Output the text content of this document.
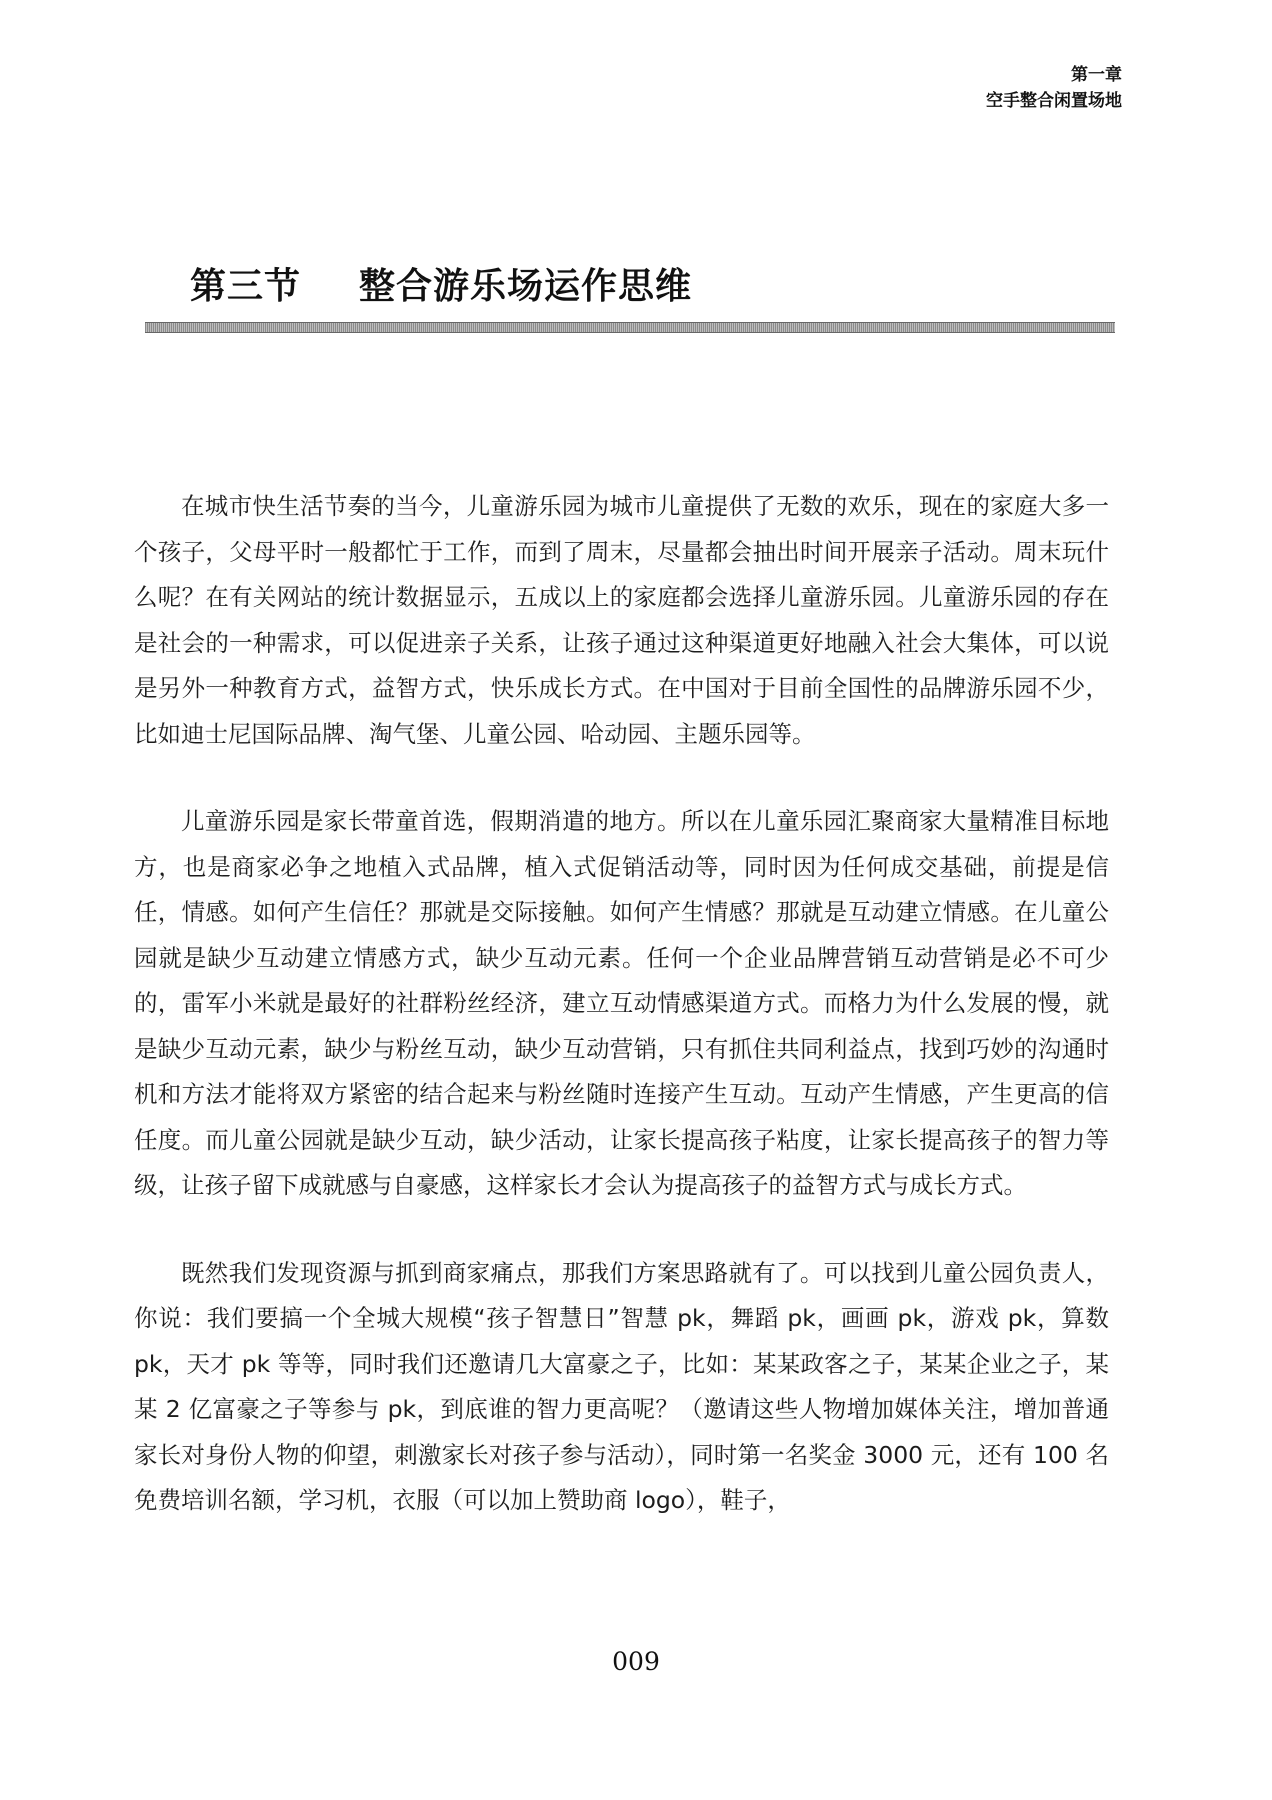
第一章
空手整合闲置场地
第三节 整合游乐场运作思维

在城市快生活节奏的当今，儿童游乐园为城市儿童提供了无数的欢乐，现在的家庭大多一个孩子，父母平时一般都忙于工作，而到了周末，尽量都会抽出时间开展亲子活动。周末玩什么呢？在有关网站的统计数据显示，五成以上的家庭都会选择儿童游乐园。儿童游乐园的存在是社会的一种需求，可以促进亲子关系，让孩子通过这种渠道更好地融入社会大集体，可以说是另外一种教育方式，益智方式，快乐成长方式。在中国对于目前全国性的品牌游乐园不少，比如迪士尼国际品牌、淘气堡、儿童公园、哈动园、主题乐园等。

儿童游乐园是家长带童首选，假期消遣的地方。所以在儿童乐园汇聚商家大量精准目标地方，也是商家必争之地植入式品牌，植入式促销活动等，同时因为任何成交基础，前提是信任，情感。如何产生信任？那就是交际接触。如何产生情感？那就是互动建立情感。在儿童公园就是缺少互动建立情感方式，缺少互动元素。任何一个企业品牌营销互动营销是必不可少的，雷军小米就是最好的社群粉丝经济，建立互动情感渠道方式。而格力为什么发展的慢，就是缺少互动元素，缺少与粉丝互动，缺少互动营销，只有抓住共同利益点，找到巧妙的沟通时机和方法才能将双方紧密的结合起来与粉丝随时连接产生互动。互动产生情感，产生更高的信任度。而儿童公园就是缺少互动，缺少活动，让家长提高孩子粘度，让家长提高孩子的智力等级，让孩子留下成就感与自豪感，这样家长才会认为提高孩子的益智方式与成长方式。

既然我们发现资源与抓到商家痛点，那我们方案思路就有了。可以找到儿童公园负责人，你说：我们要搞一个全城大规模“孩子智慧日”智慧 pk，舞蹈 pk，画画 pk，游戏 pk，算数 pk，天才 pk 等等，同时我们还邀请几大富豪之子，比如：某某政客之子，某某企业之子，某某 2 亿富豪之子等参与 pk，到底谁的智力更高呢？（邀请这些人物增加媒体关注，增加普通家长对身份人物的仰望，刺激家长对孩子参与活动），同时第一名奖金 3000 元，还有 100 名免费培训名额，学习机，衣服（可以加上赞助商 logo），鞋子，

009
